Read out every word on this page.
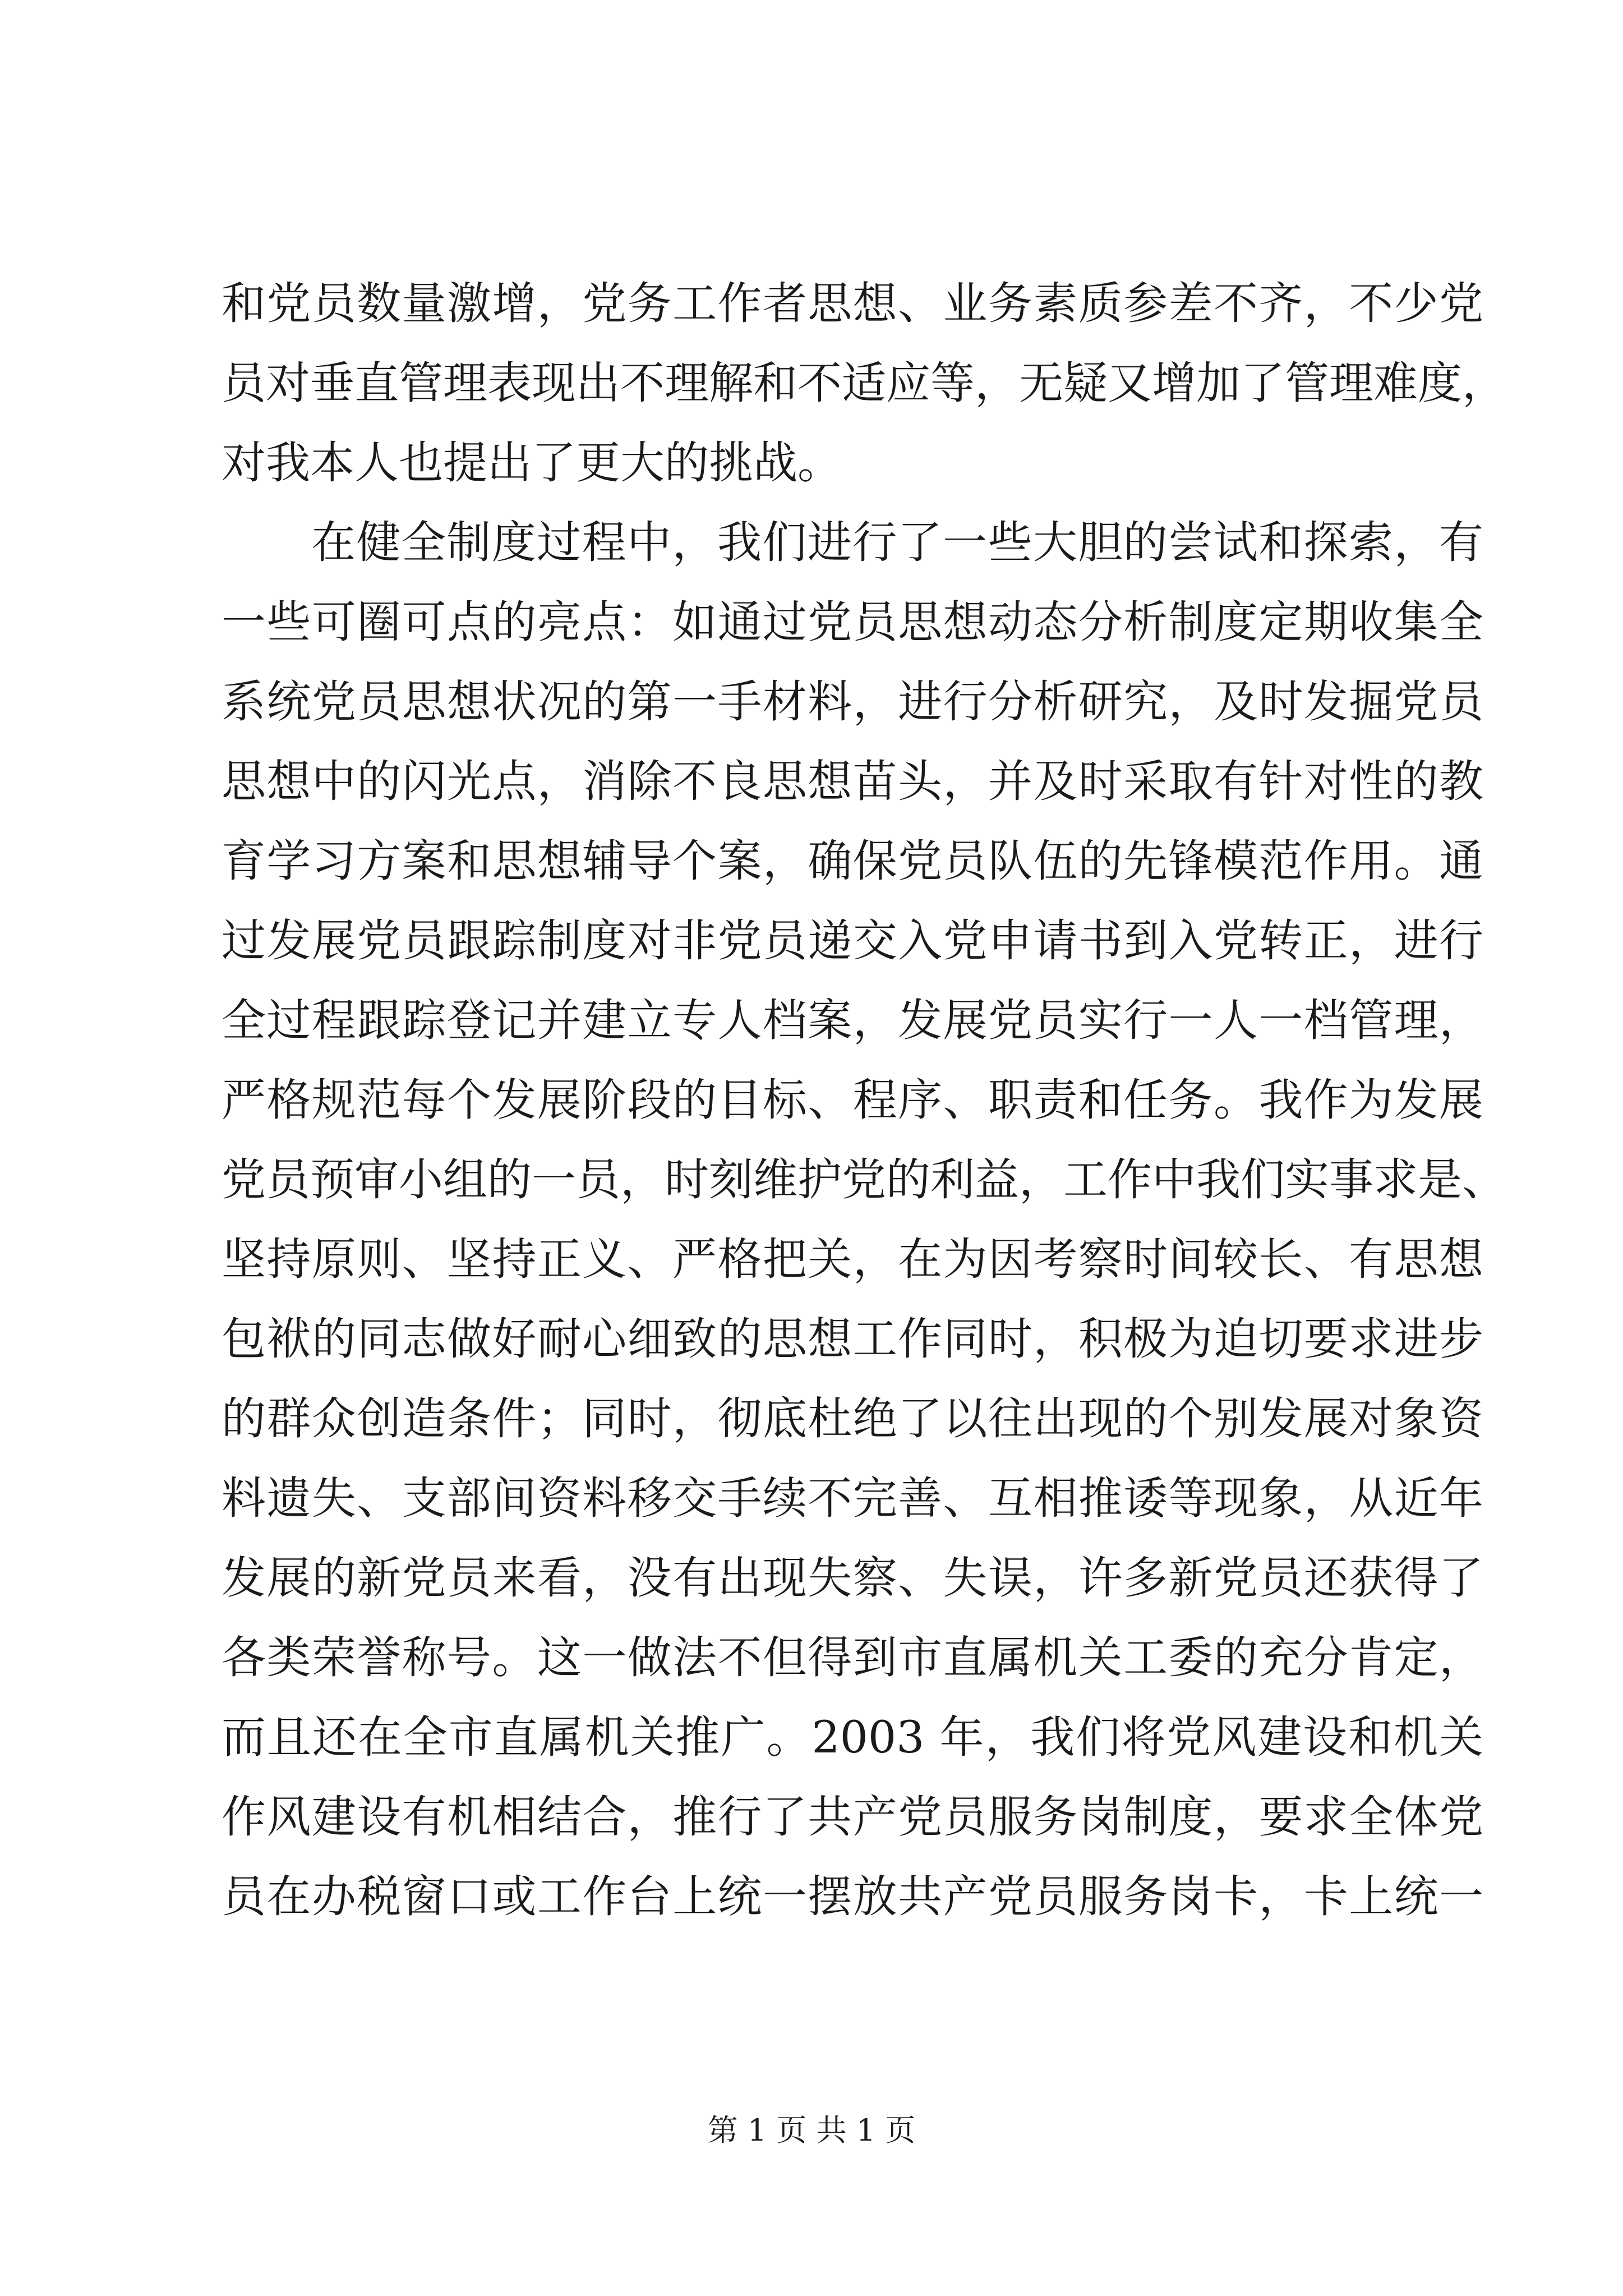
和党员数量激增，党务工作者思想、业务素质参差不齐，不少党
员对垂直管理表现出不理解和不适应等，无疑又增加了管理难度，
对我本人也提出了更大的挑战。
在健全制度过程中，我们进行了一些大胆的尝试和探索，有
一些可圈可点的亮点：如通过党员思想动态分析制度定期收集全
系统党员思想状况的第一手材料，进行分析研究，及时发掘党员
思想中的闪光点，消除不良思想苗头，并及时采取有针对性的教
育学习方案和思想辅导个案，确保党员队伍的先锋模范作用。通
过发展党员跟踪制度对非党员递交入党申请书到入党转正，进行
全过程跟踪登记并建立专人档案，发展党员实行一人一档管理，
严格规范每个发展阶段的目标、程序、职责和任务。我作为发展
党员预审小组的一员，时刻维护党的利益，工作中我们实事求是、
坚持原则、坚持正义、严格把关，在为因考察时间较长、有思想
包袱的同志做好耐心细致的思想工作同时，积极为迫切要求进步
的群众创造条件；同时，彻底杜绝了以往出现的个别发展对象资
料遗失、支部间资料移交手续不完善、互相推诿等现象，从近年
发展的新党员来看，没有出现失察、失误，许多新党员还获得了
各类荣誉称号。这一做法不但得到市直属机关工委的充分肯定，
而且还在全市直属机关推广。2003 年，我们将党风建设和机关
作风建设有机相结合，推行了共产党员服务岗制度，要求全体党
员在办税窗口或工作台上统一摆放共产党员服务岗卡，卡上统一
第 1 页 共 1 页
